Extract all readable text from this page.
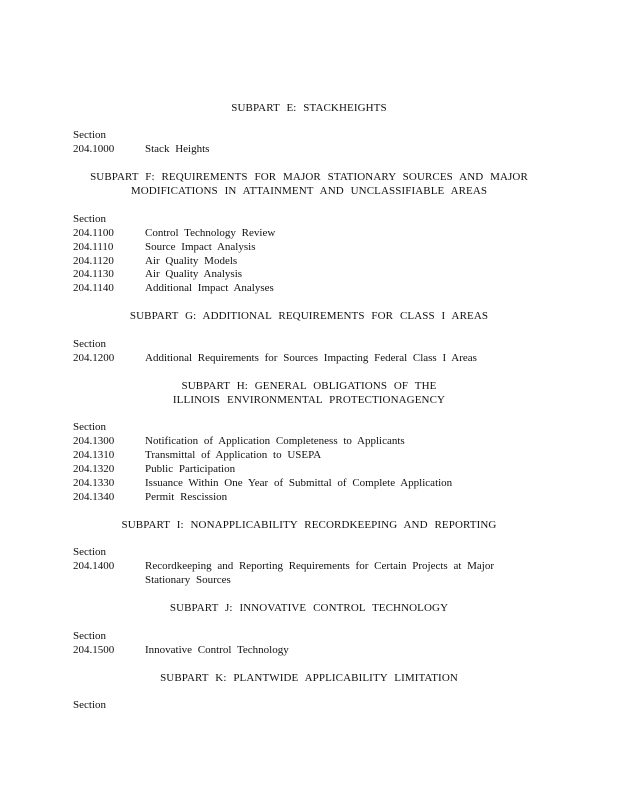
SUBPART E: STACKHEIGHTS
Section
204.1000	Stack Heights
SUBPART F: REQUIREMENTS FOR MAJOR STATIONARY SOURCES AND MAJOR
MODIFICATIONS IN ATTAINMENT AND UNCLASSIFIABLE AREAS
Section
204.1100	Control Technology Review
204.1110	Source Impact Analysis
204.1120	Air Quality Models
204.1130	Air Quality Analysis
204.1140	Additional Impact Analyses
SUBPART G: ADDITIONAL REQUIREMENTS FOR CLASS I AREAS
Section
204.1200	Additional Requirements for Sources Impacting Federal Class I Areas
SUBPART H: GENERAL OBLIGATIONS OF THE
ILLINOIS ENVIRONMENTAL PROTECTIONAGENCY
Section
204.1300	Notification of Application Completeness to Applicants
204.1310	Transmittal of Application to USEPA
204.1320	Public Participation
204.1330	Issuance Within One Year of Submittal of Complete Application
204.1340	Permit Rescission
SUBPART I: NONAPPLICABILITY RECORDKEEPING AND REPORTING
Section
204.1400	Recordkeeping and Reporting Requirements for Certain Projects at Major
Stationary Sources
SUBPART J: INNOVATIVE CONTROL TECHNOLOGY
Section
204.1500	Innovative Control Technology
SUBPART K: PLANTWIDE APPLICABILITY LIMITATION
Section
